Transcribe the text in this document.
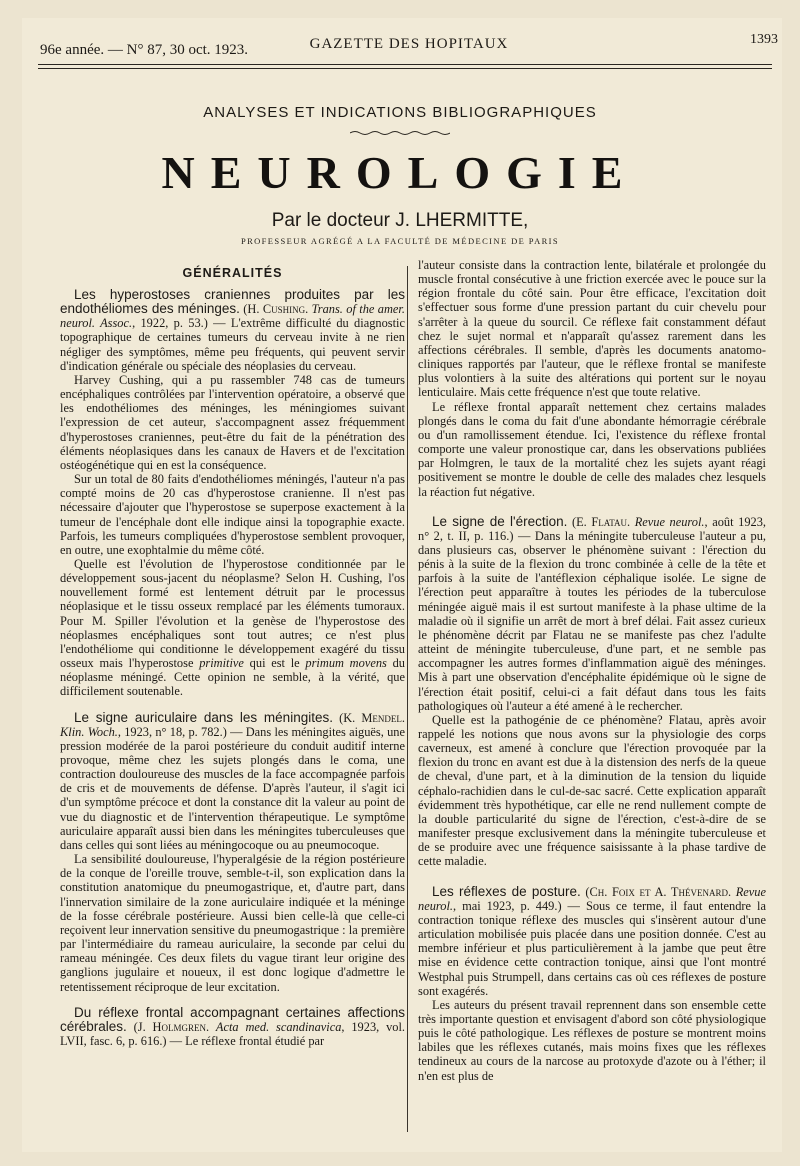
96e année. — N° 87, 30 oct. 1923.	GAZETTE DES HOPITAUX	1393
ANALYSES ET INDICATIONS BIBLIOGRAPHIQUES
NEUROLOGIE
Par le docteur J. LHERMITTE,
PROFESSEUR AGRÉGÉ A LA FACULTÉ DE MÉDECINE DE PARIS
GÉNÉRALITÉS

Les hyperostoses craniennes produites par les endothéliomes des méninges. (H. Cushing. Trans. of the amer. neurol. Assoc., 1922, p. 53.) — L'extrême difficulté du diagnostic topographique de certaines tumeurs du cerveau invite à ne rien négliger des symptômes, même peu fréquents, qui peuvent servir d'indication générale ou spéciale des néoplasies du cerveau.

Harvey Cushing, qui a pu rassembler 748 cas de tumeurs encéphaliques contrôlées par l'intervention opératoire, a observé que les endothéliomes des méninges, les méningiomes suivant l'expression de cet auteur, s'accompagnent assez fréquemment d'hyperostoses craniennes, peut-être du fait de la pénétration des éléments néoplasiques dans les canaux de Havers et de l'excitation ostéogénétique qui en est la conséquence.

Sur un total de 80 faits d'endothéliomes méningés, l'auteur n'a pas compté moins de 20 cas d'hyperostose cranienne. Il n'est pas nécessaire d'ajouter que l'hyperostose se superpose exactement à la tumeur de l'encéphale dont elle indique ainsi la topographie exacte. Parfois, les tumeurs compliquées d'hyperostose semblent provoquer, en outre, une exophtalmie du même côté.

Quelle est l'évolution de l'hyperostose conditionnée par le développement sous-jacent du néoplasme? Selon H. Cushing, l'os nouvellement formé est lentement détruit par le processus néoplasique et le tissu osseux remplacé par les éléments tumoraux. Pour M. Spiller l'évolution et la genèse de l'hyperostose des néoplasmes encéphaliques sont tout autres; ce n'est plus l'endothéliome qui conditionne le développement exagéré du tissu osseux mais l'hyperostose primitive qui est le primum movens du néoplasme méningé. Cette opinion ne semble, à la vérité, que difficilement soutenable.

Le signe auriculaire dans les méningites. (K. Mendel. Klin. Woch., 1923, n° 18, p. 782.) — Dans les méningites aiguës, une pression modérée de la paroi postérieure du conduit auditif interne provoque, même chez les sujets plongés dans le coma, une contraction douloureuse des muscles de la face accompagnée parfois de cris et de mouvements de défense. D'après l'auteur, il s'agit ici d'un symptôme précoce et dont la constance dit la valeur au point de vue du diagnostic et de l'intervention thérapeutique. Le symptôme auriculaire apparaît aussi bien dans les méningites tuberculeuses que dans celles qui sont liées au méningocoque ou au pneumocoque.

La sensibilité douloureuse, l'hyperalgésie de la région postérieure de la conque de l'oreille trouve, semble-t-il, son explication dans la constitution anatomique du pneumogastrique, et, d'autre part, dans l'innervation similaire de la zone auriculaire indiquée et la méninge de la fosse cérébrale postérieure. Aussi bien celle-là que celle-ci reçoivent leur innervation sensitive du pneumogastrique : la première par l'intermédiaire du rameau auriculaire, la seconde par celui du rameau méningée. Ces deux filets du vague tirant leur origine des ganglions jugulaire et noueux, il est donc logique d'admettre le retentissement réciproque de leur excitation.

Du réflexe frontal accompagnant certaines affections cérébrales. (J. Holmgren. Acta med. scandinavica, 1923, vol. LVII, fasc. 6, p. 616.) — Le réflexe frontal étudié par

l'auteur consiste dans la contraction lente, bilatérale et prolongée du muscle frontal consécutive à une friction exercée avec le pouce sur la région frontale du côté sain. Pour être efficace, l'excitation doit s'effectuer sous forme d'une pression partant du cuir chevelu pour s'arrêter à la queue du sourcil. Ce réflexe fait constamment défaut chez le sujet normal et n'apparaît qu'assez rarement dans les affections cérébrales. Il semble, d'après les documents anatomo-cliniques rapportés par l'auteur, que le réflexe frontal se manifeste plus volontiers à la suite des altérations qui portent sur le noyau lenticulaire. Mais cette fréquence n'est que toute relative.

Le réflexe frontal apparaît nettement chez certains malades plongés dans le coma du fait d'une abondante hémorragie cérébrale ou d'un ramollissement étendue. Ici, l'existence du réflexe frontal comporte une valeur pronostique car, dans les observations publiées par Holmgren, le taux de la mortalité chez les sujets ayant réagi positivement se montre le double de celle des malades chez lesquels la réaction fut négative.

Le signe de l'érection. (E. Flatau. Revue neurol., août 1923, n° 2, t. II, p. 116.) — Dans la méningite tuberculeuse l'auteur a pu, dans plusieurs cas, observer le phénomène suivant : l'érection du pénis à la suite de la flexion du tronc combinée à celle de la tête et parfois à la suite de l'antéflexion céphalique isolée. Le signe de l'érection peut apparaître à toutes les périodes de la tuberculose méningée aiguë mais il est surtout manifeste à la phase ultime de la maladie où il signifie un arrêt de mort à bref délai. Fait assez curieux le phénomène décrit par Flatau ne se manifeste pas chez l'adulte atteint de méningite tuberculeuse, d'une part, et ne semble pas accompagner les autres formes d'inflammation aiguë des méninges. Mis à part une observation d'encéphalite épidémique où le signe de l'érection était positif, celui-ci a fait défaut dans tous les faits pathologiques où l'auteur a été amené à le rechercher.

Quelle est la pathogénie de ce phénomène? Flatau, après avoir rappelé les notions que nous avons sur la physiologie des corps caverneux, est amené à conclure que l'érection provoquée par la flexion du tronc en avant est due à la distension des nerfs de la queue de cheval, d'une part, et à la diminution de la tension du liquide céphalo-rachidien dans le cul-de-sac sacré. Cette explication apparaît évidemment très hypothétique, car elle ne rend nullement compte de la double particularité du signe de l'érection, c'est-à-dire de se manifester presque exclusivement dans la méningite tuberculeuse et de se produire avec une fréquence saisissante à la phase tardive de cette maladie.

Les réflexes de posture. (Ch. Foix et A. Thévenard. Revue neurol., mai 1923, p. 449.) — Sous ce terme, il faut entendre la contraction tonique réflexe des muscles qui s'insèrent autour d'une articulation mobilisée puis placée dans une position donnée. C'est au membre inférieur et plus particulièrement à la jambe que peut être mise en évidence cette contraction tonique, ainsi que l'ont montré Westphal puis Strumpell, dans certains cas où ces réflexes de posture sont exagérés.

Les auteurs du présent travail reprennent dans son ensemble cette très importante question et envisagent d'abord son côté physiologique puis le côté pathologique. Les réflexes de posture se montrent moins labiles que les réflexes cutanés, mais moins fixes que les réflexes tendineux au cours de la narcose au protoxyde d'azote ou à l'éther; il n'en est plus de
